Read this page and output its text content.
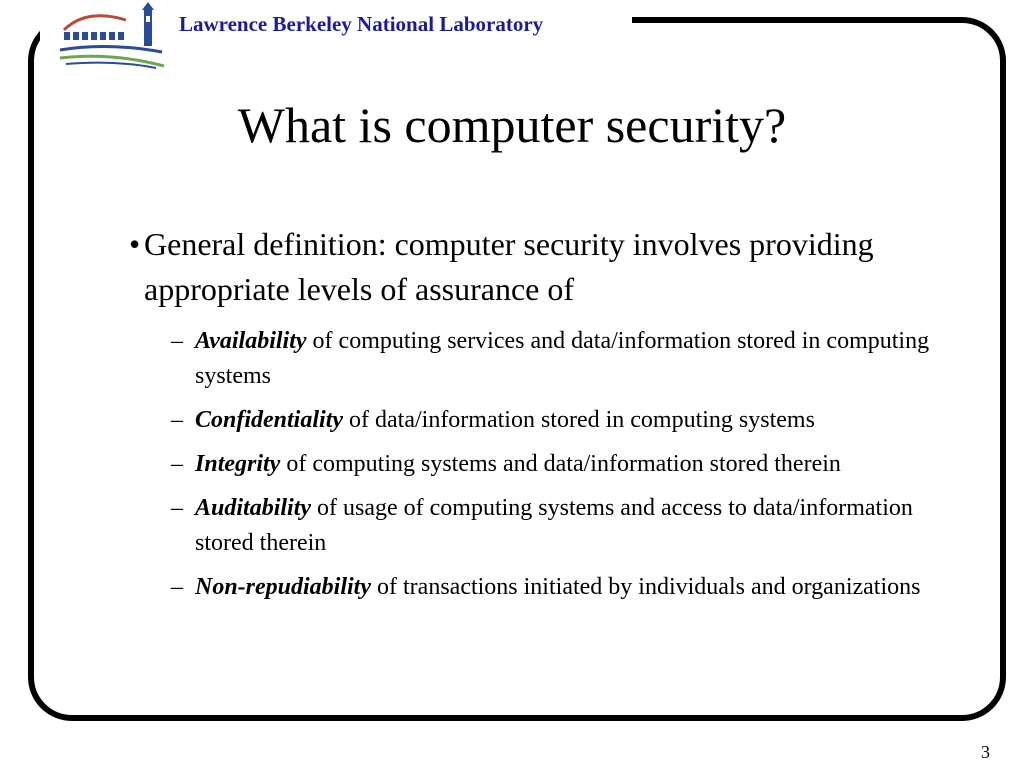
Lawrence Berkeley National Laboratory
What is computer security?
• General definition: computer security involves providing appropriate levels of assurance of
– Availability of computing services and data/information stored in computing systems
– Confidentiality of data/information stored in computing systems
– Integrity of computing systems and data/information stored therein
– Auditability of usage of computing systems and access to data/information stored therein
– Non-repudiability of transactions initiated by individuals and organizations
3
